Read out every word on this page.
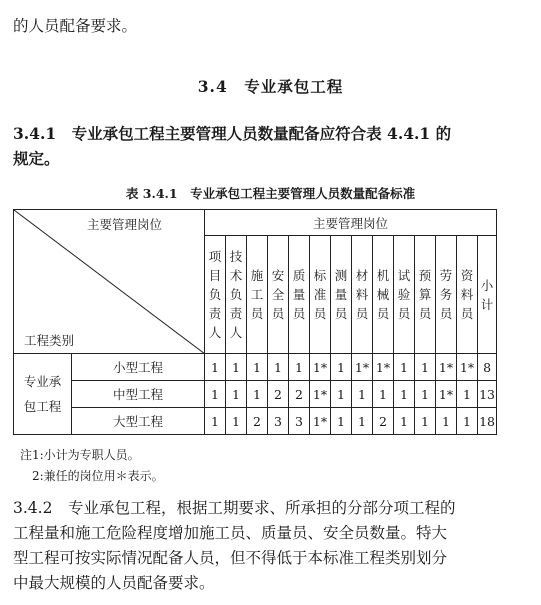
的人员配备要求。
3.4　专业承包工程
3.4.1　专业承包工程主要管理人员数量配备应符合表 4.4.1 的
规定。
表 3.4.1　专业承包工程主要管理人员数量配备标准
主要管理岗位
工程类别		主要管理岗位													
		项目负责人	技术负责人	施工员	安全员	质量员	标准员	测量员	材料员	机械员	试验员	预算员	劳务员	资料员	小计
专业承包工程	小型工程	1	1	1	1	1	1*	1	1*	1*	1	1	1*	1*	8
	中型工程	1	1	1	2	2	1*	1	1	1	1	1	1*	1	13
	大型工程	1	1	2	3	3	1*	1	1	2	1	1	1	1	18
注1:小计为专职人员。
2:兼任的岗位用＊表示。
3.4.2　专业承包工程，根据工期要求、所承担的分部分项工程的
工程量和施工危险程度增加施工员、质量员、安全员数量。特大
型工程可按实际情况配备人员，但不得低于本标准工程类别划分
中最大规模的人员配备要求。
